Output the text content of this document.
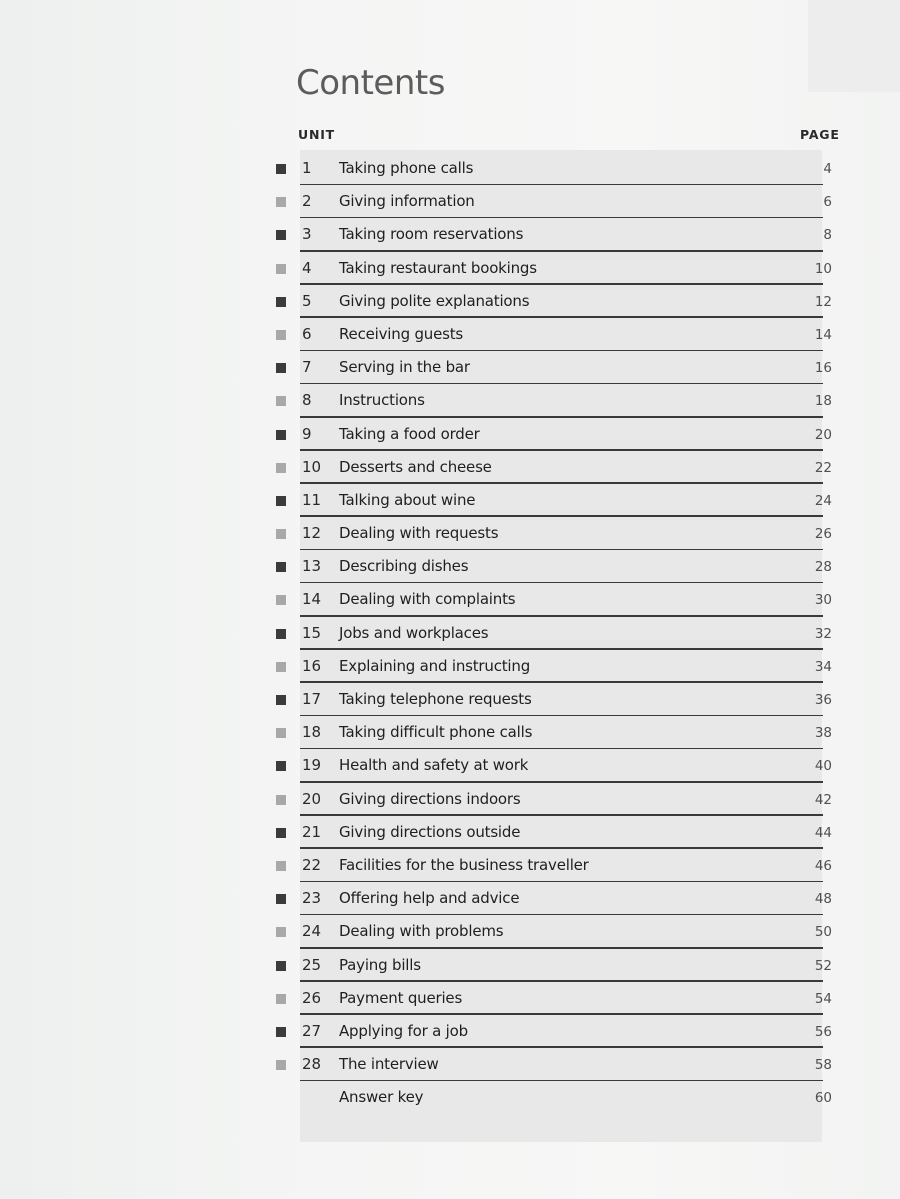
Contents
UNIT	PAGE
1 Taking phone calls	4
2 Giving information	6
3 Taking room reservations	8
4 Taking restaurant bookings	10
5 Giving polite explanations	12
6 Receiving guests	14
7 Serving in the bar	16
8 Instructions	18
9 Taking a food order	20
10 Desserts and cheese	22
11 Talking about wine	24
12 Dealing with requests	26
13 Describing dishes	28
14 Dealing with complaints	30
15 Jobs and workplaces	32
16 Explaining and instructing	34
17 Taking telephone requests	36
18 Taking difficult phone calls	38
19 Health and safety at work	40
20 Giving directions indoors	42
21 Giving directions outside	44
22 Facilities for the business traveller	46
23 Offering help and advice	48
24 Dealing with problems	50
25 Paying bills	52
26 Payment queries	54
27 Applying for a job	56
28 The interview	58
Answer key	60
